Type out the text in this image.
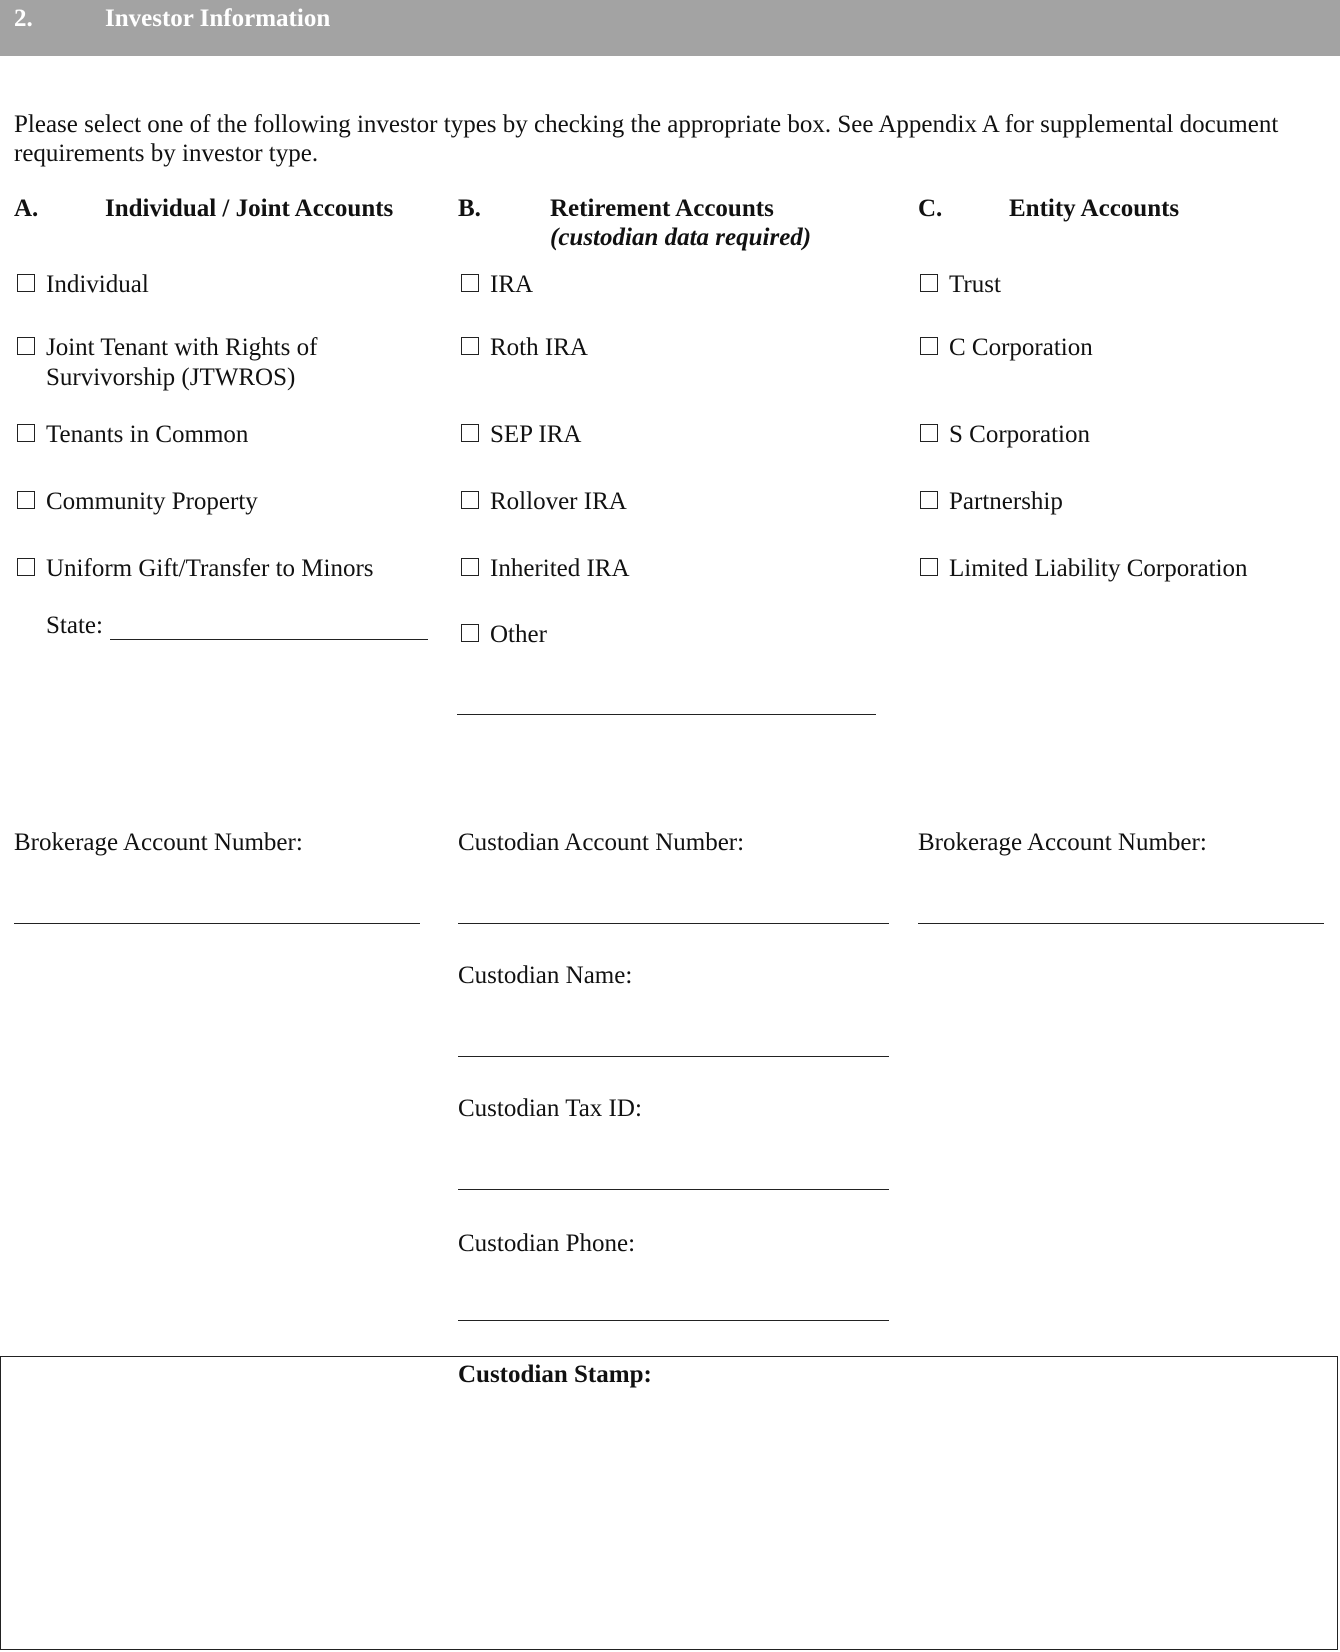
2.	Investor Information
Please select one of the following investor types by checking the appropriate box. See Appendix A for supplemental document requirements by investor type.
A.	Individual / Joint Accounts	B.	Retirement Accounts
(custodian data required)
C.	Entity Accounts
Individual
Joint Tenant with Rights of
Survivorship (JTWROS)
Tenants in Common
Community Property
Uniform Gift/Transfer to Minors
State:
IRA
Roth IRA
SEP IRA
Rollover IRA
Inherited IRA
Other
Trust
C Corporation
S Corporation
Partnership
Limited Liability Corporation
Brokerage Account Number:	Custodian Account Number:	Brokerage Account Number:
Custodian Name:
Custodian Tax ID:
Custodian Phone:
Custodian Stamp:
